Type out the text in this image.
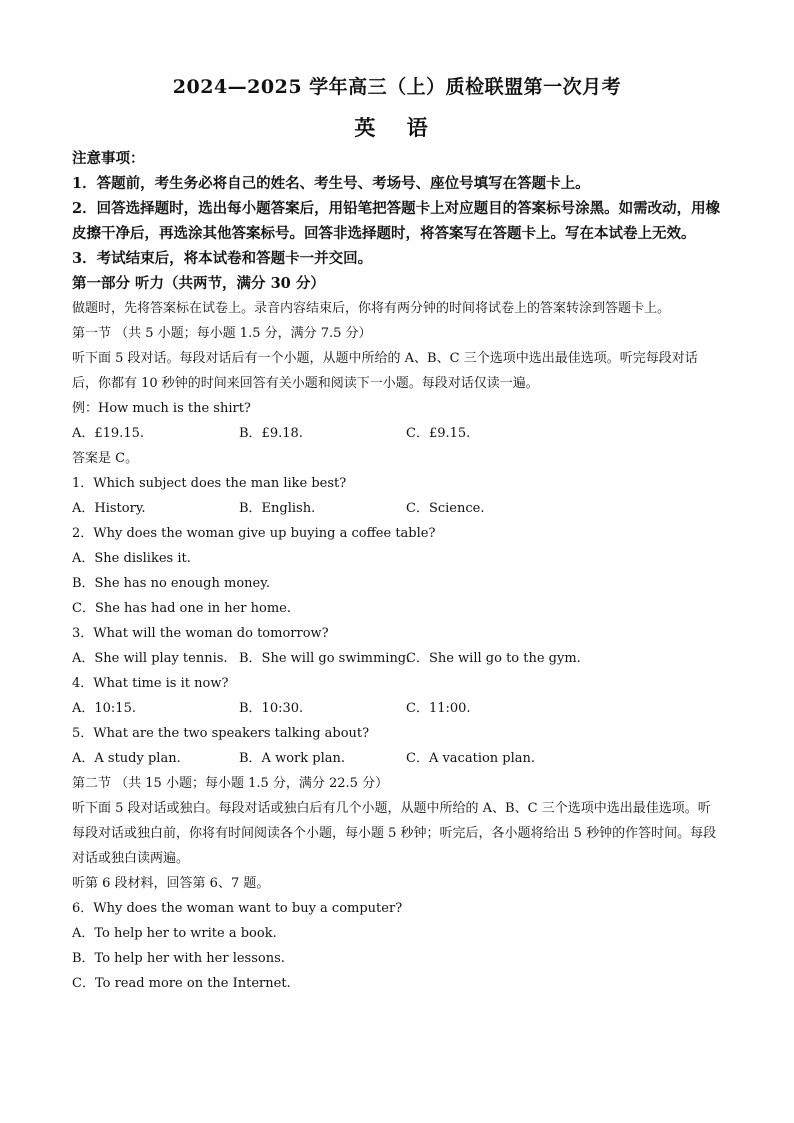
2024—2025 学年高三（上）质检联盟第一次月考
英 语
注意事项：
1．答题前，考生务必将自己的姓名、考生号、考场号、座位号填写在答题卡上。
2．回答选择题时，选出每小题答案后，用铅笔把答题卡上对应题目的答案标号涂黑。如需改动，用橡皮擦干净后，再选涂其他答案标号。回答非选择题时，将答案写在答题卡上。写在本试卷上无效。
3．考试结束后，将本试卷和答题卡一并交回。
第一部分 听力（共两节，满分 30 分）
做题时，先将答案标在试卷上。录音内容结束后，你将有两分钟的时间将试卷上的答案转涂到答题卡上。
第一节 （共 5 小题；每小题 1.5 分，满分 7.5 分）
听下面 5 段对话。每段对话后有一个小题，从题中所给的 A、B、C 三个选项中选出最佳选项。听完每段对话后，你都有 10 秒钟的时间来回答有关小题和阅读下一小题。每段对话仅读一遍。
例：How much is the shirt?
A．£19.15.	B．£9.18.	C．£9.15.
答案是 C。
1．Which subject does the man like best?
A．History.	B．English.	C．Science.
2．Why does the woman give up buying a coffee table?
A．She dislikes it.
B．She has no enough money.
C．She has had one in her home.
3．What will the woman do tomorrow?
A．She will play tennis. B．She will go swimming.
C．She will go to the gym.
4．What time is it now?
A．10:15.	B．10:30.	C．11:00.
5．What are the two speakers talking about?
A．A study plan.	B．A work plan.	C．A vacation plan.
第二节 （共 15 小题；每小题 1.5 分，满分 22.5 分）
听下面 5 段对话或独白。每段对话或独白后有几个小题，从题中所给的 A、B、C 三个选项中选出最佳选项。听每段对话或独白前，你将有时间阅读各个小题，每小题 5 秒钟；听完后，各小题将给出 5 秒钟的作答时间。每段对话或独白读两遍。
听第 6 段材料，回答第 6、7 题。
6．Why does the woman want to buy a computer?
A．To help her to write a book.
B．To help her with her lessons.
C．To read more on the Internet.
